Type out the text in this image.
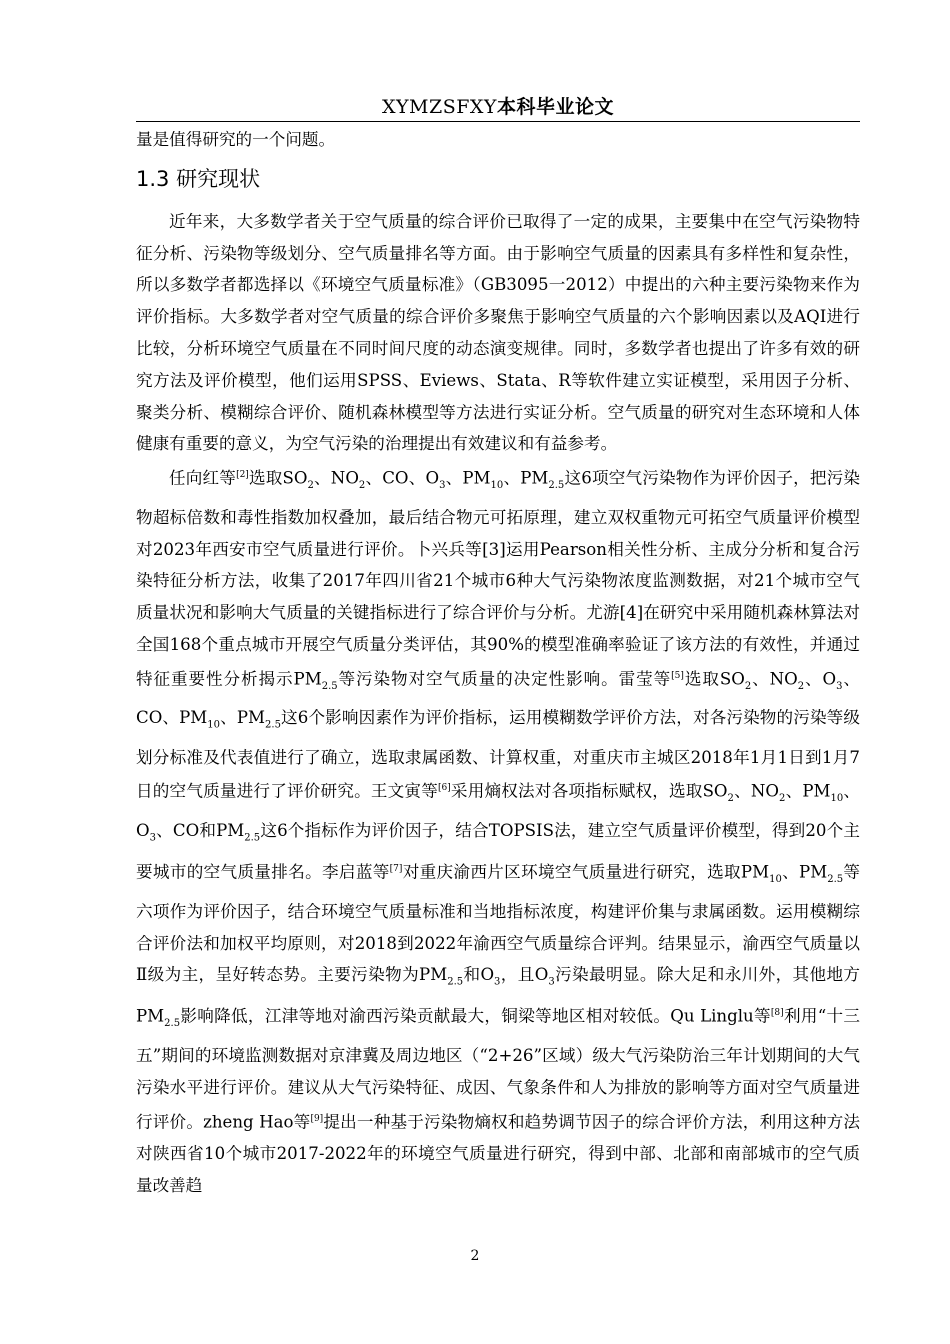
XYMZSFXY本科毕业论文

量是值得研究的一个问题。

1.3 研究现状

近年来，大多数学者关于空气质量的综合评价已取得了一定的成果，主要集中在空气污染物特征分析、污染物等级划分、空气质量排名等方面。由于影响空气质量的因素具有多样性和复杂性，所以多数学者都选择以《环境空气质量标准》（GB3095一2012）中提出的六种主要污染物来作为评价指标。大多数学者对空气质量的综合评价多聚焦于影响空气质量的六个影响因素以及AQI进行比较，分析环境空气质量在不同时间尺度的动态演变规律。同时，多数学者也提出了许多有效的研究方法及评价模型，他们运用SPSS、Eviews、Stata、R等软件建立实证模型，采用因子分析、聚类分析、模糊综合评价、随机森林模型等方法进行实证分析。空气质量的研究对生态环境和人体健康有重要的意义，为空气污染的治理提出有效建议和有益参考。

任向红等[2]选取$SO_2$、$NO_2$、CO、$O_3$、$PM_{10}$、$PM_{2.5}$这6项空气污染物作为评价因子，把污染物超标倍数和毒性指数加权叠加，最后结合物元可拓原理，建立双权重物元可拓空气质量评价模型对2023年西安市空气质量进行评价。卜兴兵等[3]运用Pearson相关性分析、主成分分析和复合污染特征分析方法，收集了2017年四川省21个城市6种大气污染物浓度监测数据，对21个城市空气质量状况和影响大气质量的关键指标进行了综合评价与分析。尤游[4]在研究中采用随机森林算法对全国168个重点城市开展空气质量分类评估，其90%的模型准确率验证了该方法的有效性，并通过特征重要性分析揭示$PM_{2.5}$等污染物对空气质量的决定性影响。雷莹等[5]选取$SO_2$、$NO_2$、$O_3$、CO、$PM_{10}$、$PM_{2.5}$这6个影响因素作为评价指标，运用模糊数学评价方法，对各污染物的污染等级划分标准及代表值进行了确立，选取隶属函数、计算权重，对重庆市主城区2018年1月1日到1月7日的空气质量进行了评价研究。王文寅等[6]采用熵权法对各项指标赋权，选取$SO_2$、$NO_2$、$PM_{10}$、$O_3$、CO和$PM_{2.5}$这6个指标作为评价因子，结合TOPSIS法，建立空气质量评价模型，得到20个主要城市的空气质量排名。李启蓝等[7]对重庆渝西片区环境空气质量进行研究，选取$PM_{10}$、$PM_{2.5}$等六项作为评价因子，结合环境空气质量标准和当地指标浓度，构建评价集与隶属函数。运用模糊综合评价法和加权平均原则，对2018到2022年渝西空气质量综合评判。结果显示，渝西空气质量以Ⅱ级为主，呈好转态势。主要污染物为$PM_{2.5}$和$O_3$，且$O_3$污染最明显。除大足和永川外，其他地方$PM_{2.5}$影响降低，江津等地对渝西污染贡献最大，铜梁等地区相对较低。Qu Linglu等[8]利用“十三五”期间的环境监测数据对京津冀及周边地区（“2+26”区域）级大气污染防治三年计划期间的大气污染水平进行评价。建议从大气污染特征、成因、气象条件和人为排放的影响等方面对空气质量进行评价。zheng Hao等[9]提出一种基于污染物熵权和趋势调节因子的综合评价方法，利用这种方法对陕西省10个城市2017-2022年的环境空气质量进行研究，得到中部、北部和南部城市的空气质量改善趋

2
